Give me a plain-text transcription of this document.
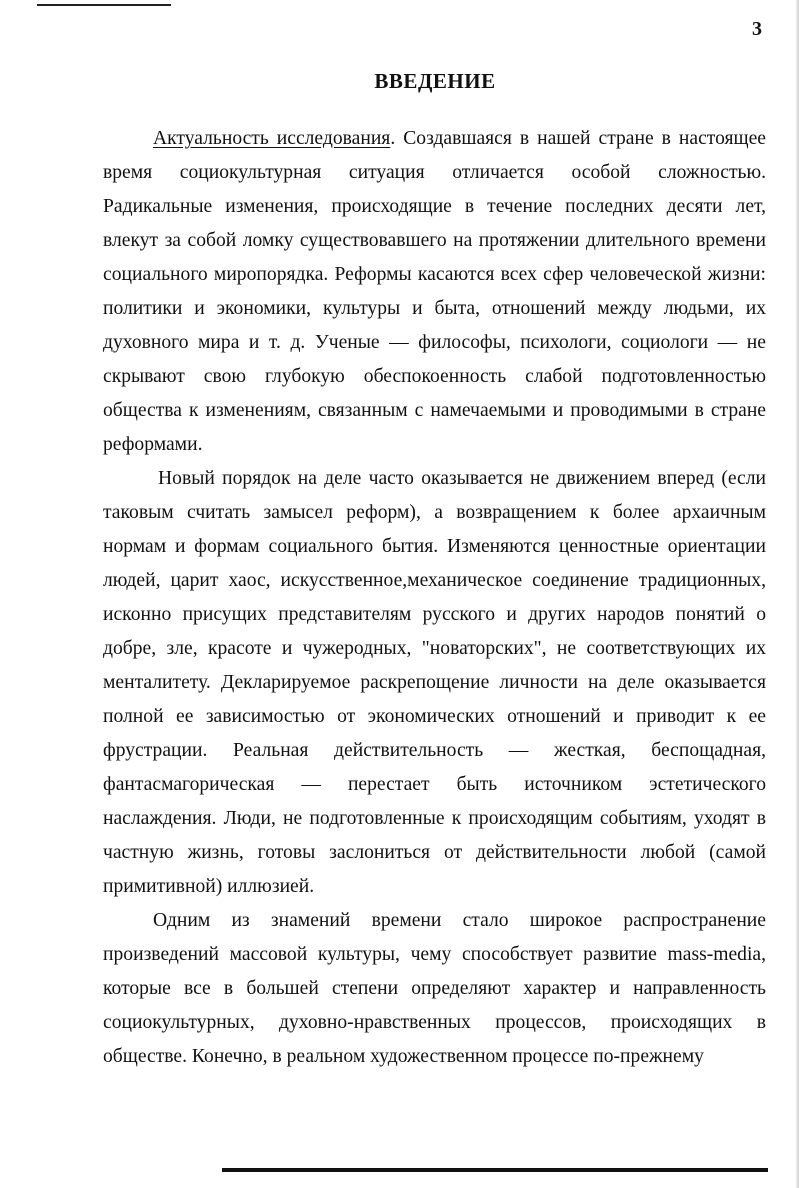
3
ВВЕДЕНИЕ

Актуальность исследования. Создавшаяся в нашей стране в настоящее время социокультурная ситуация отличается особой сложностью. Радикальные изменения, происходящие в течение последних десяти лет, влекут за собой ломку существовавшего на протяжении длительного времени социального миропорядка. Реформы касаются всех сфер человеческой жизни: политики и экономики, культуры и быта, отношений между людьми, их духовного мира и т. д. Ученые — философы, психологи, социологи — не скрывают свою глубокую обеспокоенность слабой подготовленностью общества к изменениям, связанным с намечаемыми и проводимыми в стране реформами.

Новый порядок на деле часто оказывается не движением вперед (если таковым считать замысел реформ), а возвращением к более архаичным нормам и формам социального бытия. Изменяются ценностные ориентации людей, царит хаос, искусственное,механическое соединение традиционных, исконно присущих представителям русского и других народов понятий о добре, зле, красоте и чужеродных, "новаторских", не соответствующих их менталитету. Декларируемое раскрепощение личности на деле оказывается полной ее зависимостью от экономических отношений и приводит к ее фрустрации. Реальная действительность — жесткая, беспощадная, фантасмагорическая — перестает быть источником эстетического наслаждения. Люди, не подготовленные к происходящим событиям, уходят в частную жизнь, готовы заслониться от действительности любой (самой примитивной) иллюзией.

Одним из знамений времени стало широкое распространение произведений массовой культуры, чему способствует развитие mass-media, которые все в большей степени определяют характер и направленность социокультурных, духовно-нравственных процессов, происходящих в обществе. Конечно, в реальном художественном процессе по-прежнему
